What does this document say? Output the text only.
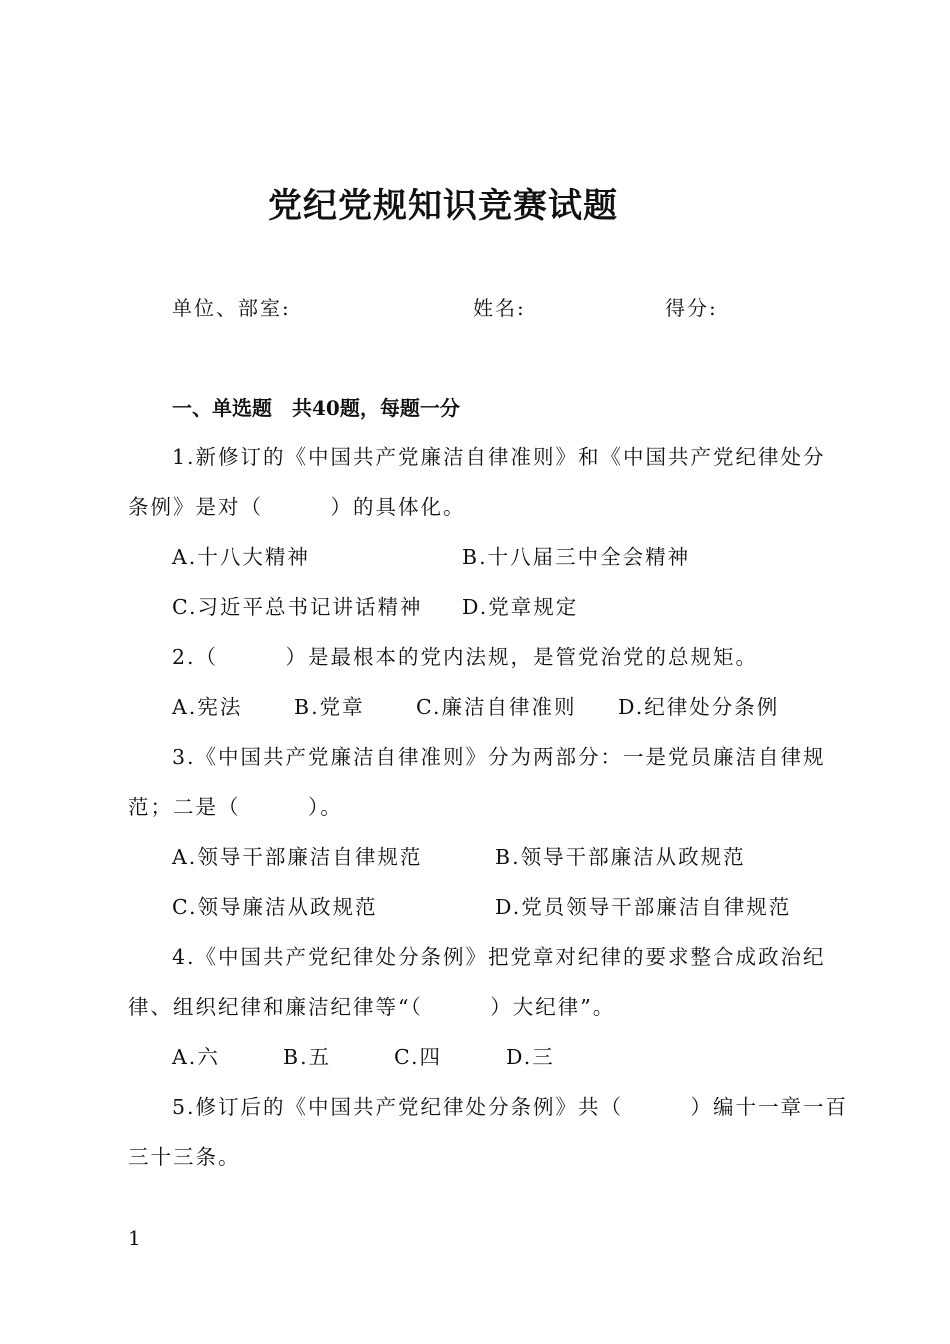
党纪党规知识竞赛试题
单位、部室:	姓名:	得分:
一、单选题　共40题，每题一分
1.新修订的《中国共产党廉洁自律准则》和《中国共产党纪律处分
条例》是对（　　　）的具体化。
A.十八大精神	B.十八届三中全会精神
C.习近平总书记讲话精神 D.党章规定
2.（　　　）是最根本的党内法规，是管党治党的总规矩。
A.宪法	B.党章	C.廉洁自律准则 D.纪律处分条例
3.《中国共产党廉洁自律准则》分为两部分：一是党员廉洁自律规
范；二是（　　　）。
A.领导干部廉洁自律规范	B.领导干部廉洁从政规范
C.领导廉洁从政规范	D.党员领导干部廉洁自律规范
4.《中国共产党纪律处分条例》把党章对纪律的要求整合成政治纪
律、组织纪律和廉洁纪律等“（　　　）大纪律”。
A.六	B.五	C.四	D.三
5.修订后的《中国共产党纪律处分条例》共（　　　）编十一章一百
三十三条。
1
